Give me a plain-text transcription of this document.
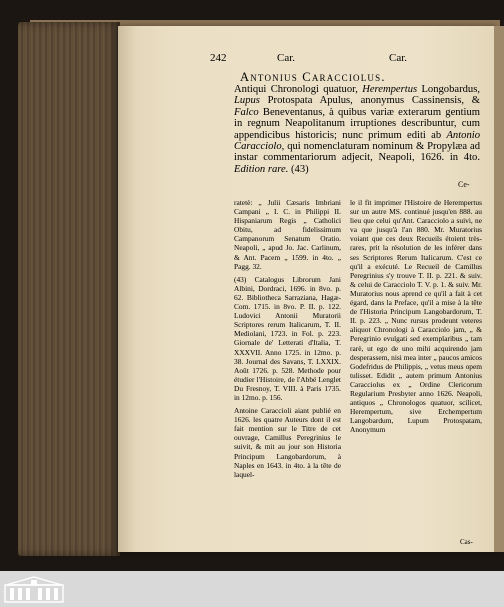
242	Car.	Car.
Antonius Caracciolus.
Antiqui Chronologi quatuor, Herempertus Longobardus, Lupus Protospata Apulus, anonymus Cassinensis, & Falco Beneventanus, à quibus variæ exterarum gentium in regnum Neapolitanum irruptiones describuntur, cum appendicibus historicis; nunc primum editi ab Antonio Caracciolo, qui nomenclaturam nominum & Propylæa ad instar commentariorum adjecit, Neapoli, 1626. in 4to. Edition rare. (43)
Ce-

ratetè: „ Julii Cæsaris Imbriani Campani „ I. C. in Philippi II. Hispaniarum Regis „ Catholici Obitu, ad fidelissimum Campanorum Senatum Oratio. Neapoli, „ apud Jo. Jac. Carlinum, & Ant. Pacem „ 1599. in 4to. „ Pagg. 32.

(43) Catalogus Librorum Jani Albini, Dordraci, 1696. in 8vo. p. 62. Bibliotheca Sarraziana, Hagæ-Com. 1715. in 8vo. P. II. p. 122. Ludovici Antonii Muratorii Scriptores rerum Italicarum, T. II. Mediolani, 1723. in Fol. p. 223. Giornale de' Letterati d'Italia, T. XXXVII. Anno 1725. in 12mo. p. 38. Journal des Savans, T. LXXIX. Août 1726. p. 528. Methode pour étudier l'Histoire, de l'Abbé Lenglet Du Fresnoy, T. VIII. à Paris 1735. in 12mo. p. 156.

Antoine Caraccioli aiant publié en 1626. les quatre Auteurs dont il est fait mention sur le Titre de cet ouvrage, Camillus Peregrinius le suivit, & mit au jour son Historia Principum Langobardorum, à Naples en 1643. in 4to. à la tête de laquel-

le il fit imprimer l'Histoire de Herempertus sur un autre MS. continué jusqu'en 888. au lieu que celui qu'Ant. Caracciolo a suivi, ne va que jusqu'à l'an 880. Mr. Muratorius voiant que ces deux Recueils étoient très-rares, prit la résolution de les inférer dans ses Scriptores Rerum Italicarum. C'est ce qu'il a exécuté. Le Recueil de Camillus Peregrinius s'y trouve T. II. p. 221. & suiv. & celui de Caracciolo T. V. p. 1. & suiv. Mr. Muratorius nous aprend ce qu'il a fait à cet égard, dans la Preface, qu'il a mise à la tête de l'Historia Principum Langobardorum, T. II. p. 223. „ Nunc rursus prodeunt veteres aliquot Chronologi à Caracciolo jam, „ & Peregrinio evulgati sed exemplaribus „ tam rarè, ut ego de uno mihi acquirendo jam desperassem, nisi mea inter „ paucos amicos Godefridus de Philippis, „ vetus meus opem tulisset. Edidit „ autem primum Antonius Caracciolus ex „ Ordine Clericorum Regularium Presbyter anno 1626. Neapoli, antiquos „ Chronologos quatuor, scilicet, Herempertum, sive Erchempertum Langobardum, Lupum Protospatam, Anonymum

Cas-
